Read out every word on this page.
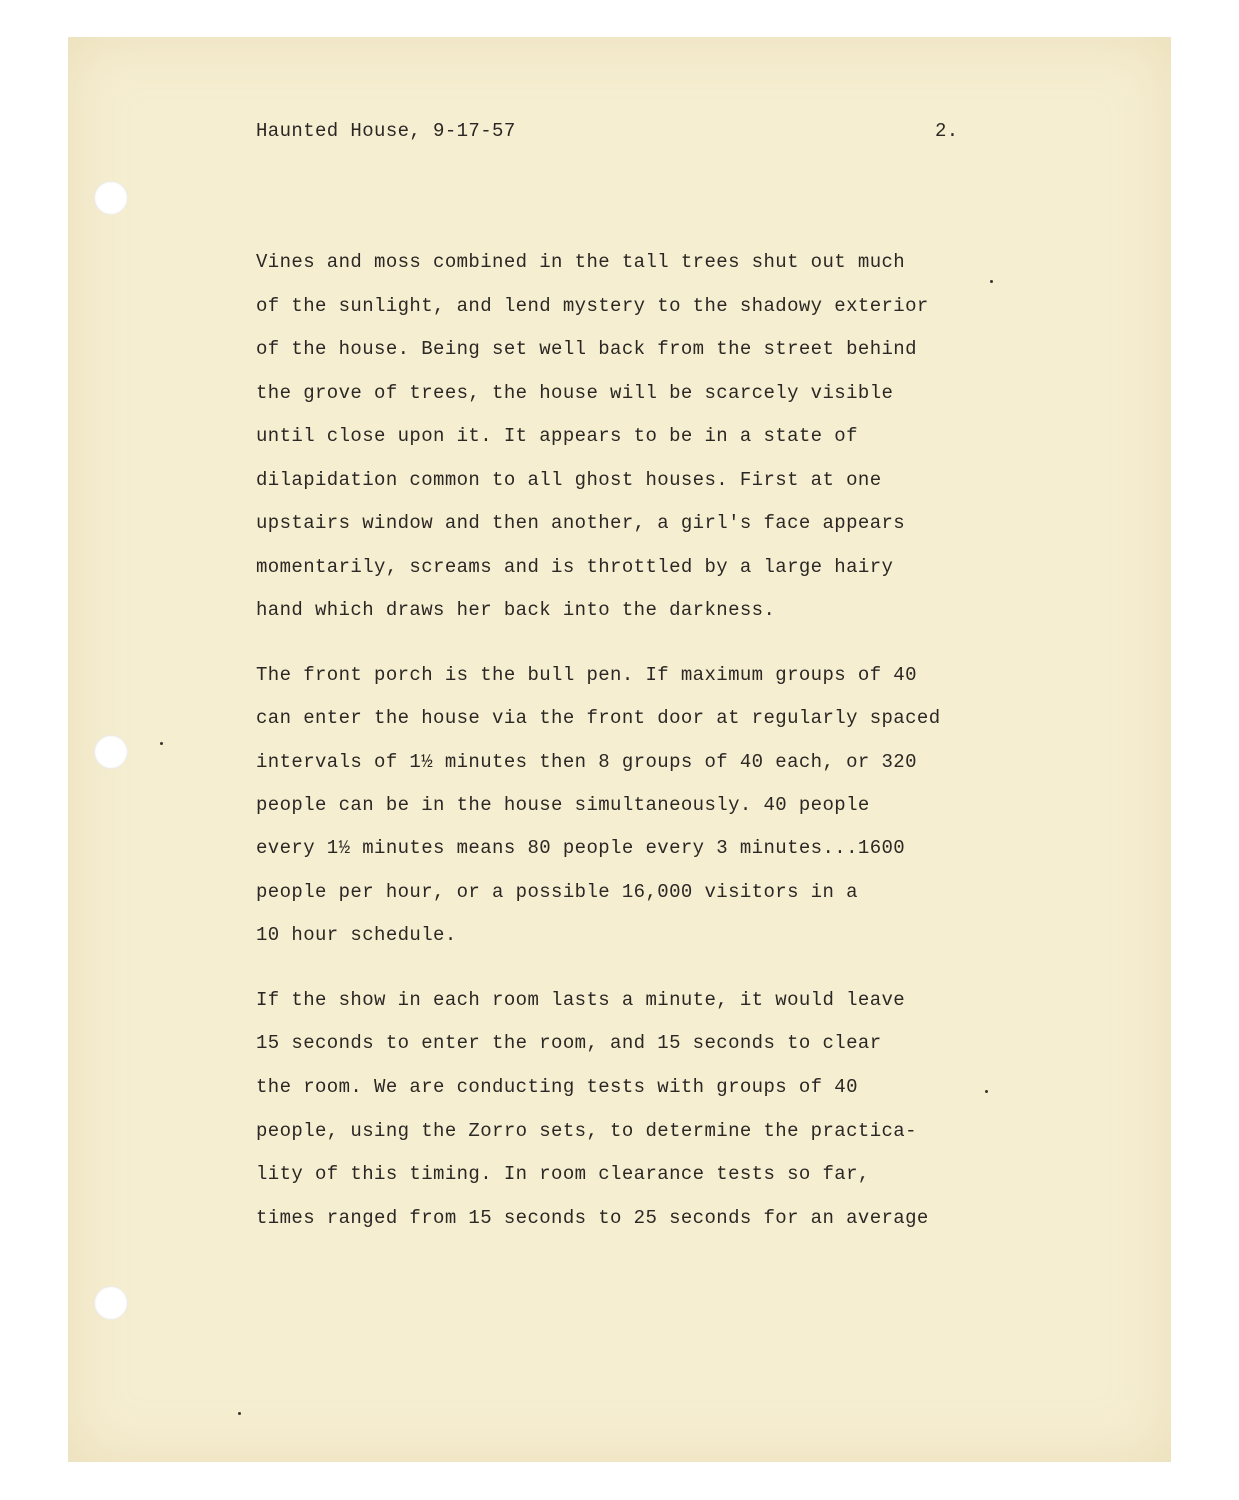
Haunted House, 9-17-57	2.
Vines and moss combined in the tall trees shut out much
of the sunlight, and lend mystery to the shadowy exterior
of the house. Being set well back from the street behind
the grove of trees, the house will be scarcely visible
until close upon it. It appears to be in a state of
dilapidation common to all ghost houses. First at one
upstairs window and then another, a girl's face appears
momentarily, screams and is throttled by a large hairy
hand which draws her back into the darkness.
The front porch is the bull pen. If maximum groups of 40
can enter the house via the front door at regularly spaced
intervals of 1½ minutes then 8 groups of 40 each, or 320
people can be in the house simultaneously. 40 people
every 1½ minutes means 80 people every 3 minutes...1600
people per hour, or a possible 16,000 visitors in a
10 hour schedule.
If the show in each room lasts a minute, it would leave
15 seconds to enter the room, and 15 seconds to clear
the room. We are conducting tests with groups of 40
people, using the Zorro sets, to determine the practica-
lity of this timing. In room clearance tests so far,
times ranged from 15 seconds to 25 seconds for an average
